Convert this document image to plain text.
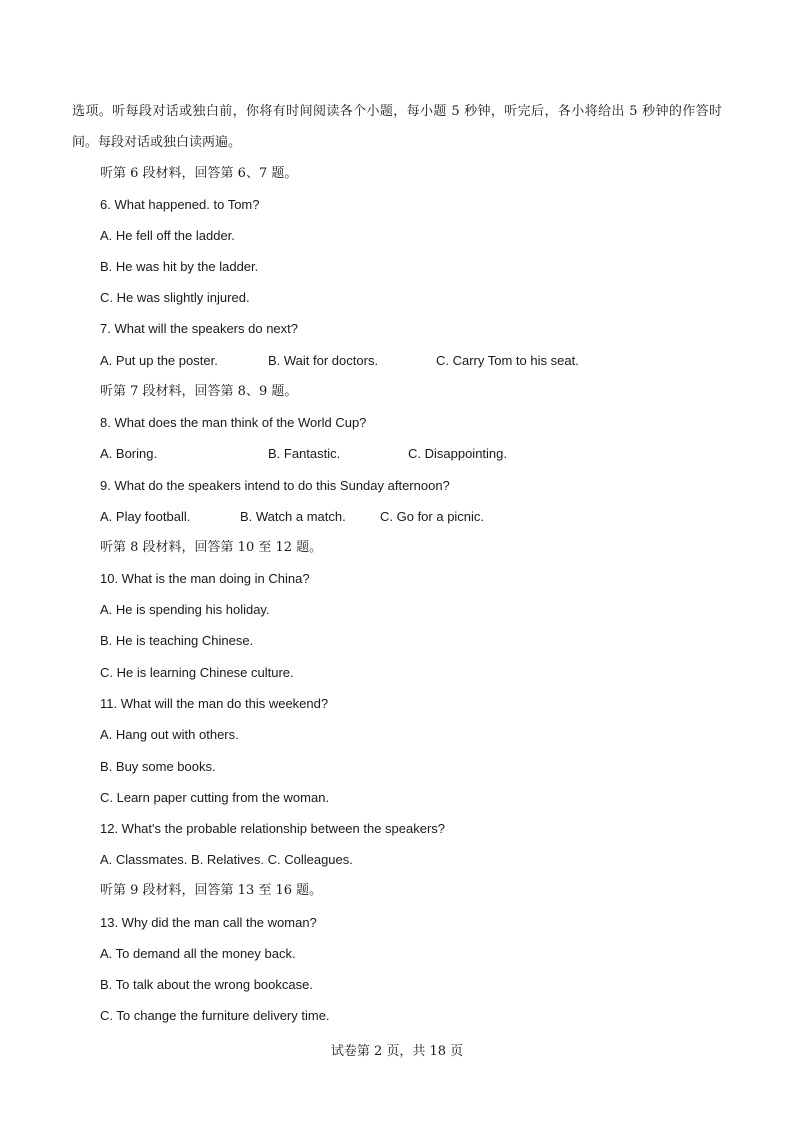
选项。听每段对话或独白前，你将有时间阅读各个小题，每小题 5 秒钟，听完后，各小将给出 5 秒钟的作答时间。每段对话或独白读两遍。
听第 6 段材料，回答第 6、7 题。
6. What happened. to Tom?
A. He fell off the ladder.
B. He was hit by the ladder.
C. He was slightly injured.
7. What will the speakers do next?
A. Put up the poster.	B. Wait for doctors.	C. Carry Tom to his seat.
听第 7 段材料，回答第 8、9 题。
8. What does the man think of the World Cup?
A. Boring.	B. Fantastic.	C. Disappointing.
9. What do the speakers intend to do this Sunday afternoon?
A. Play football.	B. Watch a match.	C. Go for a picnic.
听第 8 段材料，回答第 10 至 12 题。
10. What is the man doing in China?
A. He is spending his holiday.
B. He is teaching Chinese.
C. He is learning Chinese culture.
11. What will the man do this weekend?
A. Hang out with others.
B. Buy some books.
C. Learn paper cutting from the woman.
12. What's the probable relationship between the speakers?
A. Classmates. B. Relatives. C. Colleagues.
听第 9 段材料，回答第 13 至 16 题。
13. Why did the man call the woman?
A. To demand all the money back.
B. To talk about the wrong bookcase.
C. To change the furniture delivery time.
试卷第 2 页，共 18 页
